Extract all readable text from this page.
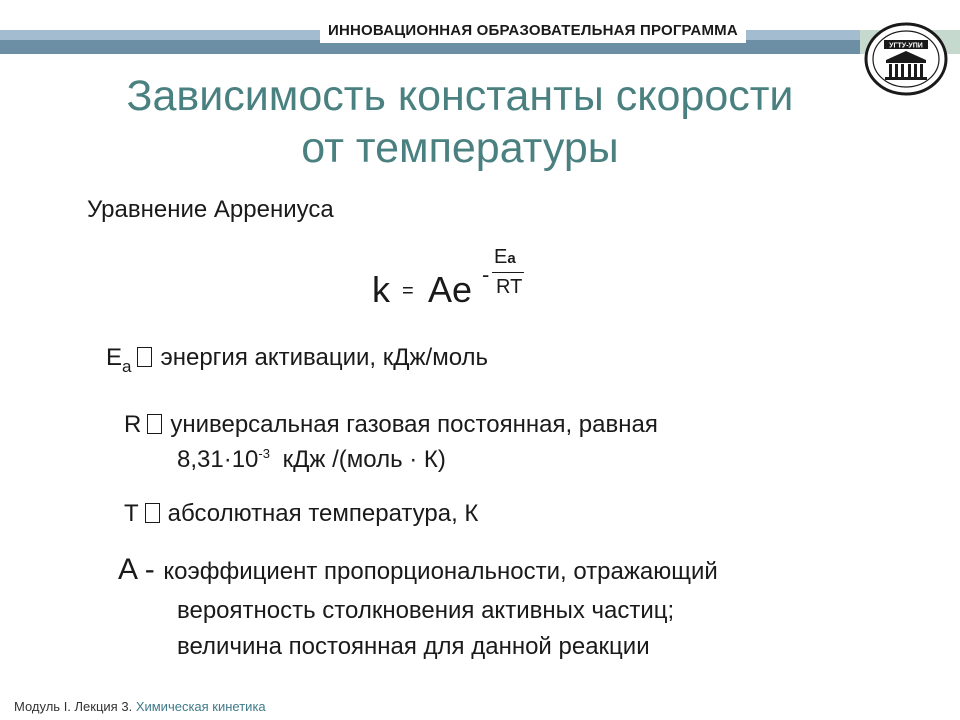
ИННОВАЦИОННАЯ ОБРАЗОВАТЕЛЬНАЯ ПРОГРАММА
УГТУ-УПИ
Зависимость константы скорости
от температуры
Уравнение Аррениуса
k = Ae -
Ea
RT
$E_a$ энергия активации, кДж/моль
R универсальная газовая постоянная, равная
$8,31\cdot 10^{-3}$ кДж /(моль · К)
T абсолютная температура, К
A - коэффициент пропорциональности, отражающий
вероятность столкновения активных частиц;
величина постоянная для данной реакции
Модуль I. Лекция 3. Химическая кинетика
